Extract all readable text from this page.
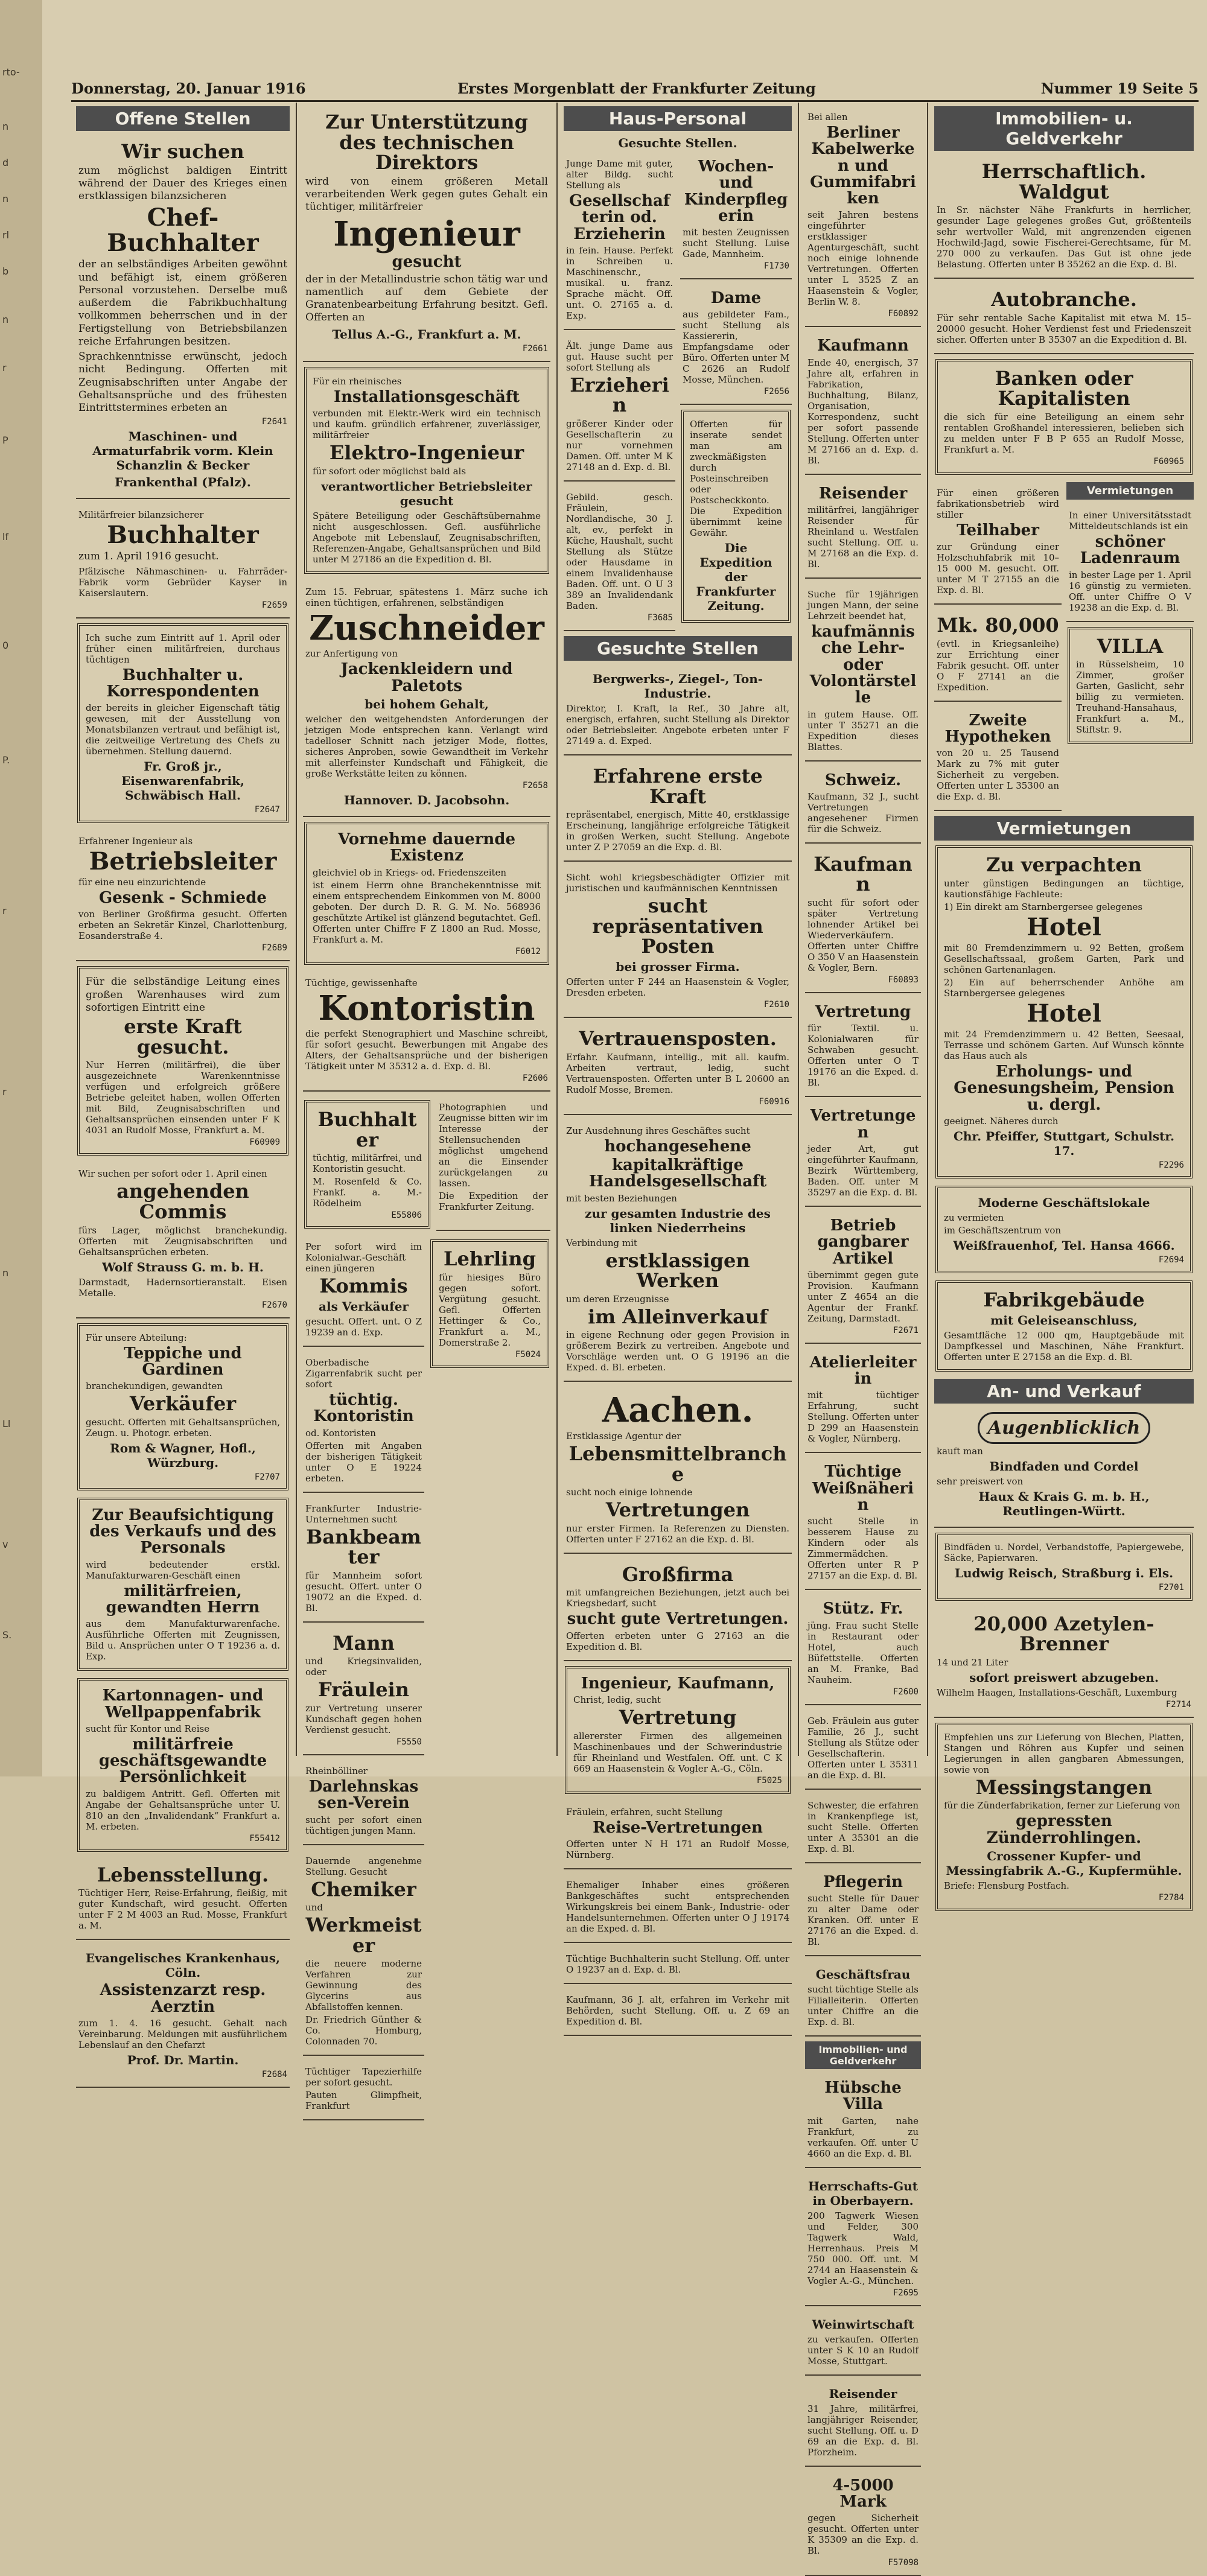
rto-
n
d
n
rl
b
n
r
P
lf
0
P.
r
r
n
Ll
v
S.
Donnerstag, 20. Januar 1916	Erstes Morgenblatt der Frankfurter Zeitung	Nummer 19 Seite 5
Offene Stellen
Wir suchen
zum möglichst baldigen Eintritt während der Dauer des Krieges einen erstklassigen bilanzsicheren
Chef-Buchhalter
der an selbständiges Arbeiten gewöhnt und befähigt ist, einem größeren Personal vorzustehen. Derselbe muß außerdem die Fabrikbuchhaltung vollkommen beherrschen und in der Fertigstellung von Betriebsbilanzen reiche Erfahrungen besitzen.
Sprachkenntnisse erwünscht, jedoch nicht Bedingung. Offerten mit Zeugnisabschriften unter Angabe der Gehaltsansprüche und des frühesten Eintrittstermines erbeten an
F2641
Maschinen- und Armaturfabrik vorm. Klein Schanzlin & Becker
Frankenthal (Pfalz).
Militärfreier bilanzsicherer
Buchhalter
zum 1. April 1916 gesucht.
Pfälzische Nähmaschinen- u. Fahrräder-Fabrik vorm Gebrüder Kayser in Kaiserslautern.
F2659
Ich suche zum Eintritt auf 1. April oder früher einen militärfreien, durchaus tüchtigen
Buchhalter u. Korrespondenten
der bereits in gleicher Eigenschaft tätig gewesen, mit der Ausstellung von Monatsbilanzen vertraut und befähigt ist, die zeitweilige Vertretung des Chefs zu übernehmen. Stellung dauernd.
Fr. Groß jr., Eisenwarenfabrik, Schwäbisch Hall.
F2647
Erfahrener Ingenieur als
Betriebsleiter
für eine neu einzurichtende
Gesenk - Schmiede
von Berliner Großfirma gesucht. Offerten erbeten an Sekretär Kinzel, Charlottenburg, Eosanderstraße 4.
F2689
Für die selbständige Leitung eines großen Warenhauses wird zum sofortigen Eintritt eine
erste Kraft gesucht.
Nur Herren (militärfrei), die über ausgezeichnete Warenkenntnisse verfügen und erfolgreich größere Betriebe geleitet haben, wollen Offerten mit Bild, Zeugnisabschriften und Gehaltsansprüchen einsenden unter F K 4031 an Rudolf Mosse, Frankfurt a. M.
F60909
Wir suchen per sofort oder 1. April einen
angehenden Commis
fürs Lager, möglichst branchekundig. Offerten mit Zeugnisabschriften und Gehaltsansprüchen erbeten.
Wolf Strauss G. m. b. H.
Darmstadt, Hadernsortieranstalt. Eisen Metalle.
F2670
Für unsere Abteilung:
Teppiche und Gardinen
branchekundigen, gewandten
Verkäufer
gesucht. Offerten mit Gehaltsansprüchen, Zeugn. u. Photogr. erbeten.
Rom & Wagner, Hofl., Würzburg.
F2707
Zur Beaufsichtigung des Verkaufs und des Personals
wird bedeutender erstkl. Manufakturwaren-Geschäft einen
militärfreien, gewandten Herrn
aus dem Manufakturwarenfache. Ausführliche Offerten mit Zeugnissen, Bild u. Ansprüchen unter O T 19236 a. d. Exp.
Kartonnagen- und Wellpappenfabrik
sucht für Kontor und Reise
militärfreie geschäftsgewandte Persönlichkeit
zu baldigem Antritt. Gefl. Offerten mit Angabe der Gehaltsansprüche unter U. 810 an den „Invalidendank“ Frankfurt a. M. erbeten.
F55412
Lebensstellung.
Tüchtiger Herr, Reise-Erfahrung, fleißig, mit guter Kundschaft, wird gesucht. Offerten unter F 2 M 4003 an Rud. Mosse, Frankfurt a. M.
Evangelisches Krankenhaus, Cöln.
Assistenzarzt resp. Aerztin
zum 1. 4. 16 gesucht. Gehalt nach Vereinbarung. Meldungen mit ausführlichem Lebenslauf an den Chefarzt
Prof. Dr. Martin.
F2684
Zur Unterstützung des technischen Direktors
wird von einem größeren Metall verarbeitenden Werk gegen gutes Gehalt ein tüchtiger, militärfreier
Ingenieur
gesucht
der in der Metallindustrie schon tätig war und namentlich auf dem Gebiete der Granatenbearbeitung Erfahrung besitzt. Gefl. Offerten an
Tellus A.-G., Frankfurt a. M.
F2661
Für ein rheinisches
Installationsgeschäft
verbunden mit Elektr.-Werk wird ein technisch und kaufm. gründlich erfahrener, zuverlässiger, militärfreier
Elektro-Ingenieur
für sofort oder möglichst bald als
verantwortlicher Betriebsleiter gesucht
Spätere Beteiligung oder Geschäftsübernahme nicht ausgeschlossen. Gefl. ausführliche Angebote mit Lebenslauf, Zeugnisabschriften, Referenzen-Angabe, Gehaltsansprüchen und Bild unter M 27186 an die Expedition d. Bl.
Zum 15. Februar, spätestens 1. März suche ich einen tüchtigen, erfahrenen, selbständigen
Zuschneider
zur Anfertigung von
Jackenkleidern und Paletots
bei hohem Gehalt,
welcher den weitgehendsten Anforderungen der jetzigen Mode entsprechen kann. Verlangt wird tadelloser Schnitt nach jetziger Mode, flottes, sicheres Anproben, sowie Gewandtheit im Verkehr mit allerfeinster Kundschaft und Fähigkeit, die große Werkstätte leiten zu können.
F2658
Hannover. D. Jacobsohn.
Vornehme dauernde Existenz
gleichviel ob in Kriegs- od. Friedenszeiten
ist einem Herrn ohne Branchekenntnisse mit einem entsprechendem Einkommen von M. 8000 geboten. Der durch D. R. G. M. No. 568936 geschützte Artikel ist glänzend begutachtet. Gefl. Offerten unter Chiffre F Z 1800 an Rud. Mosse, Frankfurt a. M.
F6012
Tüchtige, gewissenhafte
Kontoristin
die perfekt Stenographiert und Maschine schreibt, für sofort gesucht. Bewerbungen mit Angabe des Alters, der Gehaltsansprüche und der bisherigen Tätigkeit unter M 35312 a. d. Exp. d. Bl.
F2606
Buchhalter
tüchtig, militärfrei, und Kontoristin gesucht.
M. Rosenfeld & Co. Frankf. a. M.-Rödelheim
E55806
Photographien und Zeugnisse bitten wir im Interesse der Stellensuchenden möglichst umgehend an die Einsender zurückgelangen zu lassen.
Die Expedition der Frankfurter Zeitung.
Per sofort wird im Kolonialwar.-Geschäft einen jüngeren
Kommis
als Verkäufer
gesucht. Offert. unt. O Z 19239 an d. Exp.
Oberbadische Zigarrenfabrik sucht per sofort
tüchtig. Kontoristin
od. Kontoristen
Offerten mit Angaben der bisherigen Tätigkeit unter O E 19224 erbeten.
Frankfurter Industrie-Unternehmen sucht
Bankbeamter
für Mannheim sofort gesucht. Offert. unter O 19072 an die Exped. d. Bl.
Mann
und Kriegsinvaliden, oder
Fräulein
zur Vertretung unserer Kundschaft gegen hohen Verdienst gesucht.
F5550
Rheinbölliner
Darlehnskassen-Verein
sucht per sofort einen tüchtigen jungen Mann.
Dauernde angenehme Stellung. Gesucht
Chemiker
und
Werkmeister
die neuere moderne Verfahren zur Gewinnung des Glycerins aus Abfallstoffen kennen.
Dr. Friedrich Günther & Co. Homburg, Colonnaden 70.
Tüchtiger Tapezierhilfe per sofort gesucht.
Pauten Glimpfheit, Frankfurt
Lehrling
für hiesiges Büro gegen sofort. Vergütung gesucht. Gefl. Offerten Hettinger & Co., Frankfurt a. M., Domerstraße 2.
F5024
Haus-Personal
Gesuchte Stellen.
Junge Dame mit guter, alter Bildg. sucht Stellung als
Gesellschafterin od. Erzieherin
in fein. Hause. Perfekt in Schreiben u. Maschinenschr., musikal. u. franz. Sprache mächt. Off. unt. O. 27165 a. d. Exp.
Ält. junge Dame aus gut. Hause sucht per sofort Stellung als
Erzieherin
größerer Kinder oder Gesellschafterin zu nur vornehmen Damen. Off. unter M K 27148 an d. Exp. d. Bl.
Gebild. gesch. Fräulein, Nordlandische, 30 J. alt, ev., perfekt in Küche, Haushalt, sucht Stellung als Stütze oder Hausdame in einem Invalidenhause Baden. Off. unt. O U 3 389 an Invalidendank Baden.
F3685
Wochen- und Kinderpflegerin
mit besten Zeugnissen sucht Stellung. Luise Gade, Mannheim.
F1730
Dame
aus gebildeter Fam., sucht Stellung als Kassiererin, Empfangsdame oder Büro. Offerten unter M C 2626 an Rudolf Mosse, München.
F2656
Offerten für inserate sendet man am zweckmäßigsten durch Posteinschreiben oder Postscheckkonto. Die Expedition übernimmt keine Gewähr.
Die Expedition der Frankfurter Zeitung.
Gesuchte Stellen
Bergwerks-, Ziegel-, Ton-Industrie.
Direktor, I. Kraft, la Ref., 30 Jahre alt, energisch, erfahren, sucht Stellung als Direktor oder Betriebsleiter. Angebote erbeten unter F 27149 a. d. Exped.
Erfahrene erste Kraft
repräsentabel, energisch, Mitte 40, erstklassige Erscheinung, langjährige erfolgreiche Tätigkeit in großen Werken, sucht Stellung. Angebote unter Z P 27059 an die Exp. d. Bl.
Sicht wohl kriegsbeschädigter Offizier mit juristischen und kaufmännischen Kenntnissen
sucht repräsentativen Posten
bei grosser Firma.
Offerten unter F 244 an Haasenstein & Vogler, Dresden erbeten.
F2610
Vertrauensposten.
Erfahr. Kaufmann, intellig., mit all. kaufm. Arbeiten vertraut, ledig, sucht Vertrauensposten. Offerten unter B L 20600 an Rudolf Mosse, Bremen.
F60916
Zur Ausdehnung ihres Geschäftes sucht
hochangesehene
kapitalkräftige Handelsgesellschaft
mit besten Beziehungen
zur gesamten Industrie des linken Niederrheins
Verbindung mit
erstklassigen Werken
um deren Erzeugnisse
im Alleinverkauf
in eigene Rechnung oder gegen Provision in größerem Bezirk zu vertreiben. Angebote und Vorschläge werden unt. O G 19196 an die Exped. d. Bl. erbeten.
Aachen.
Erstklassige Agentur der
Lebensmittelbranche
sucht noch einige lohnende
Vertretungen
nur erster Firmen. Ia Referenzen zu Diensten. Offerten unter F 27162 an die Exp. d. Bl.
Großfirma
mit umfangreichen Beziehungen, jetzt auch bei Kriegsbedarf, sucht
sucht gute Vertretungen.
Offerten erbeten unter G 27163 an die Expedition d. Bl.
Ingenieur, Kaufmann,
Christ, ledig, sucht
Vertretung
allererster Firmen des allgemeinen Maschinenbaues und der Schwerindustrie für Rheinland und Westfalen. Off. unt. C K 669 an Haasenstein & Vogler A.-G., Cöln.
F5025
Fräulein, erfahren, sucht Stellung
Reise-Vertretungen
Offerten unter N H 171 an Rudolf Mosse, Nürnberg.
Ehemaliger Inhaber eines größeren Bankgeschäftes sucht entsprechenden Wirkungskreis bei einem Bank-, Industrie- oder Handelsunternehmen. Offerten unter O J 19174 an die Exped. d. Bl.
Tüchtige Buchhalterin sucht Stellung. Off. unter O 19237 an d. Exp. d. Bl.
Kaufmann, 36 J. alt, erfahren im Verkehr mit Behörden, sucht Stellung. Off. u. Z 69 an Expedition d. Bl.
Bei allen
Berliner Kabelwerken und Gummifabriken
seit Jahren bestens eingeführter erstklassiger Agenturgeschäft, sucht noch einige lohnende Vertretungen. Offerten unter L 3525 Z an Haasenstein & Vogler, Berlin W. 8.
F60892
Kaufmann
Ende 40, energisch, 37 Jahre alt, erfahren in Fabrikation, Buchhaltung, Bilanz, Organisation, Korrespondenz, sucht per sofort passende Stellung. Offerten unter M 27166 an d. Exp. d. Bl.
Reisender
militärfrei, langjähriger Reisender für Rheinland u. Westfalen sucht Stellung. Off. u. M 27168 an die Exp. d. Bl.
Suche für 19jährigen jungen Mann, der seine Lehrzeit beendet hat,
kaufmännische Lehr- oder Volontärstelle
in gutem Hause. Off. unter T 35271 an die Expedition dieses Blattes.
Schweiz.
Kaufmann, 32 J., sucht Vertretungen angesehener Firmen für die Schweiz.
Kaufmann
sucht für sofort oder später Vertretung lohnender Artikel bei Wiederverkäufern. Offerten unter Chiffre O 350 V an Haasenstein & Vogler, Bern.
F60893
Vertretung
für Textil. u. Kolonialwaren für Schwaben gesucht. Offerten unter O T 19176 an die Exped. d. Bl.
Vertretungen
jeder Art, gut eingeführter Kaufmann, Bezirk Württemberg, Baden. Off. unter M 35297 an die Exp. d. Bl.
Betrieb gangbarer Artikel
übernimmt gegen gute Provision. Kaufmann unter Z 4654 an die Agentur der Frankf. Zeitung, Darmstadt.
F2671
Atelierleiterin
mit tüchtiger Erfahrung, sucht Stellung. Offerten unter D 299 an Haasenstein & Vogler, Nürnberg.
Tüchtige Weißnäherin
sucht Stelle in besserem Hause zu Kindern oder als Zimmermädchen. Offerten unter R P 27157 an die Exp. d. Bl.
Stütz. Fr.
jüng. Frau sucht Stelle in Restaurant oder Hotel, auch Büfettstelle. Offerten an M. Franke, Bad Nauheim.
F2600
Geb. Fräulein aus guter Familie, 26 J., sucht Stellung als Stütze oder Gesellschafterin. Offerten unter L 35311 an die Exp. d. Bl.
Schwester, die erfahren in Krankenpflege ist, sucht Stelle. Offerten unter A 35301 an die Exp. d. Bl.
Pflegerin
sucht Stelle für Dauer zu alter Dame oder Kranken. Off. unter E 27176 an die Exped. d. Bl.
Geschäftsfrau
sucht tüchtige Stelle als Filialleiterin. Offerten unter Chiffre an die Exp. d. Bl.
Immobilien- und Geldverkehr
Hübsche Villa
mit Garten, nahe Frankfurt, zu verkaufen. Off. unter U 4660 an die Exp. d. Bl.
Herrschafts-Gut in Oberbayern.
200 Tagwerk Wiesen und Felder, 300 Tagwerk Wald, Herrenhaus. Preis M 750 000. Off. unt. M 2744 an Haasenstein & Vogler A.-G., München.
F2695
Weinwirtschaft
zu verkaufen. Offerten unter S K 10 an Rudolf Mosse, Stuttgart.
Reisender
31 Jahre, militärfrei, langjähriger Reisender, sucht Stellung. Off. u. D 69 an die Exp. d. Bl. Pforzheim.
4-5000 Mark
gegen Sicherheit gesucht. Offerten unter K 35309 an die Exp. d. Bl.
F57098
Immobilien- u. Geldverkehr
Herrschaftlich. Waldgut
In Sr. nächster Nähe Frankfurts in herrlicher, gesunder Lage gelegenes großes Gut, größtenteils sehr wertvoller Wald, mit angrenzenden eigenen Hochwild-Jagd, sowie Fischerei-Gerechtsame, für M. 270 000 zu verkaufen. Das Gut ist ohne jede Belastung. Offerten unter B 35262 an die Exp. d. Bl.
Autobranche.
Für sehr rentable Sache Kapitalist mit etwa M. 15–20000 gesucht. Hoher Verdienst fest und Friedenszeit sicher. Offerten unter B 35307 an die Expedition d. Bl.
Banken oder Kapitalisten
die sich für eine Beteiligung an einem sehr rentablen Großhandel interessieren, belieben sich zu melden unter F B P 655 an Rudolf Mosse, Frankfurt a. M.
F60965
Für einen größeren fabrikationsbetrieb wird stiller
Teilhaber
zur Gründung einer Holzschuhfabrik mit 10–15 000 M. gesucht. Off. unter M T 27155 an die Exp. d. Bl.
Mk. 80,000
(evtl. in Kriegsanleihe) zur Errichtung einer Fabrik gesucht. Off. unter O F 27141 an die Expedition.
Zweite Hypotheken
von 20 u. 25 Tausend Mark zu 7% mit guter Sicherheit zu vergeben. Offerten unter L 35300 an die Exp. d. Bl.
Vermietungen
In einer Universitätsstadt Mitteldeutschlands ist ein
schöner Ladenraum
in bester Lage per 1. April 16 günstig zu vermieten. Off. unter Chiffre O V 19238 an die Exp. d. Bl.
VILLA
in Rüsselsheim, 10 Zimmer, großer Garten, Gaslicht, sehr billig zu vermieten. Treuhand-Hansahaus, Frankfurt a. M., Stiftstr. 9.
Vermietungen
Zu verpachten
unter günstigen Bedingungen an tüchtige, kautionsfähige Fachleute:
1) Ein direkt am Starnbergersee gelegenes
Hotel
mit 80 Fremdenzimmern u. 92 Betten, großem Gesellschaftssaal, großem Garten, Park und schönen Gartenanlagen.
2) Ein auf beherrschender Anhöhe am Starnbergersee gelegenes
Hotel
mit 24 Fremdenzimmern u. 42 Betten, Seesaal, Terrasse und schönem Garten. Auf Wunsch könnte das Haus auch als
Erholungs- und Genesungsheim, Pension u. dergl.
geeignet. Näheres durch
Chr. Pfeiffer, Stuttgart, Schulstr. 17.
F2296
Moderne Geschäftslokale
zu vermieten
im Geschäftszentrum von
Weißfrauenhof, Tel. Hansa 4666.
F2694
Fabrikgebäude
mit Geleiseanschluss,
Gesamtfläche 12 000 qm, Hauptgebäude mit Dampfkessel und Maschinen, Nähe Frankfurt. Offerten unter E 27158 an die Exp. d. Bl.
An- und Verkauf
Augenblicklich
kauft man
Bindfaden und Cordel
sehr preiswert von
Haux & Krais G. m. b. H., Reutlingen-Württ.
Bindfäden u. Nordel, Verbandstoffe, Papiergewebe, Säcke, Papierwaren.
Ludwig Reisch, Straßburg i. Els.
F2701
20,000 Azetylen-Brenner
14 und 21 Liter
sofort preiswert abzugeben.
Wilhelm Haagen, Installations-Geschäft, Luxemburg
F2714
Empfehlen uns zur Lieferung von Blechen, Platten, Stangen und Röhren aus Kupfer und seinen Legierungen in allen gangbaren Abmessungen, sowie von
Messingstangen
für die Zünderfabrikation, ferner zur Lieferung von
gepressten Zünderrohlingen.
Crossener Kupfer- und Messingfabrik A.-G., Kupfermühle.
Briefe: Flensburg Postfach.
F2784
